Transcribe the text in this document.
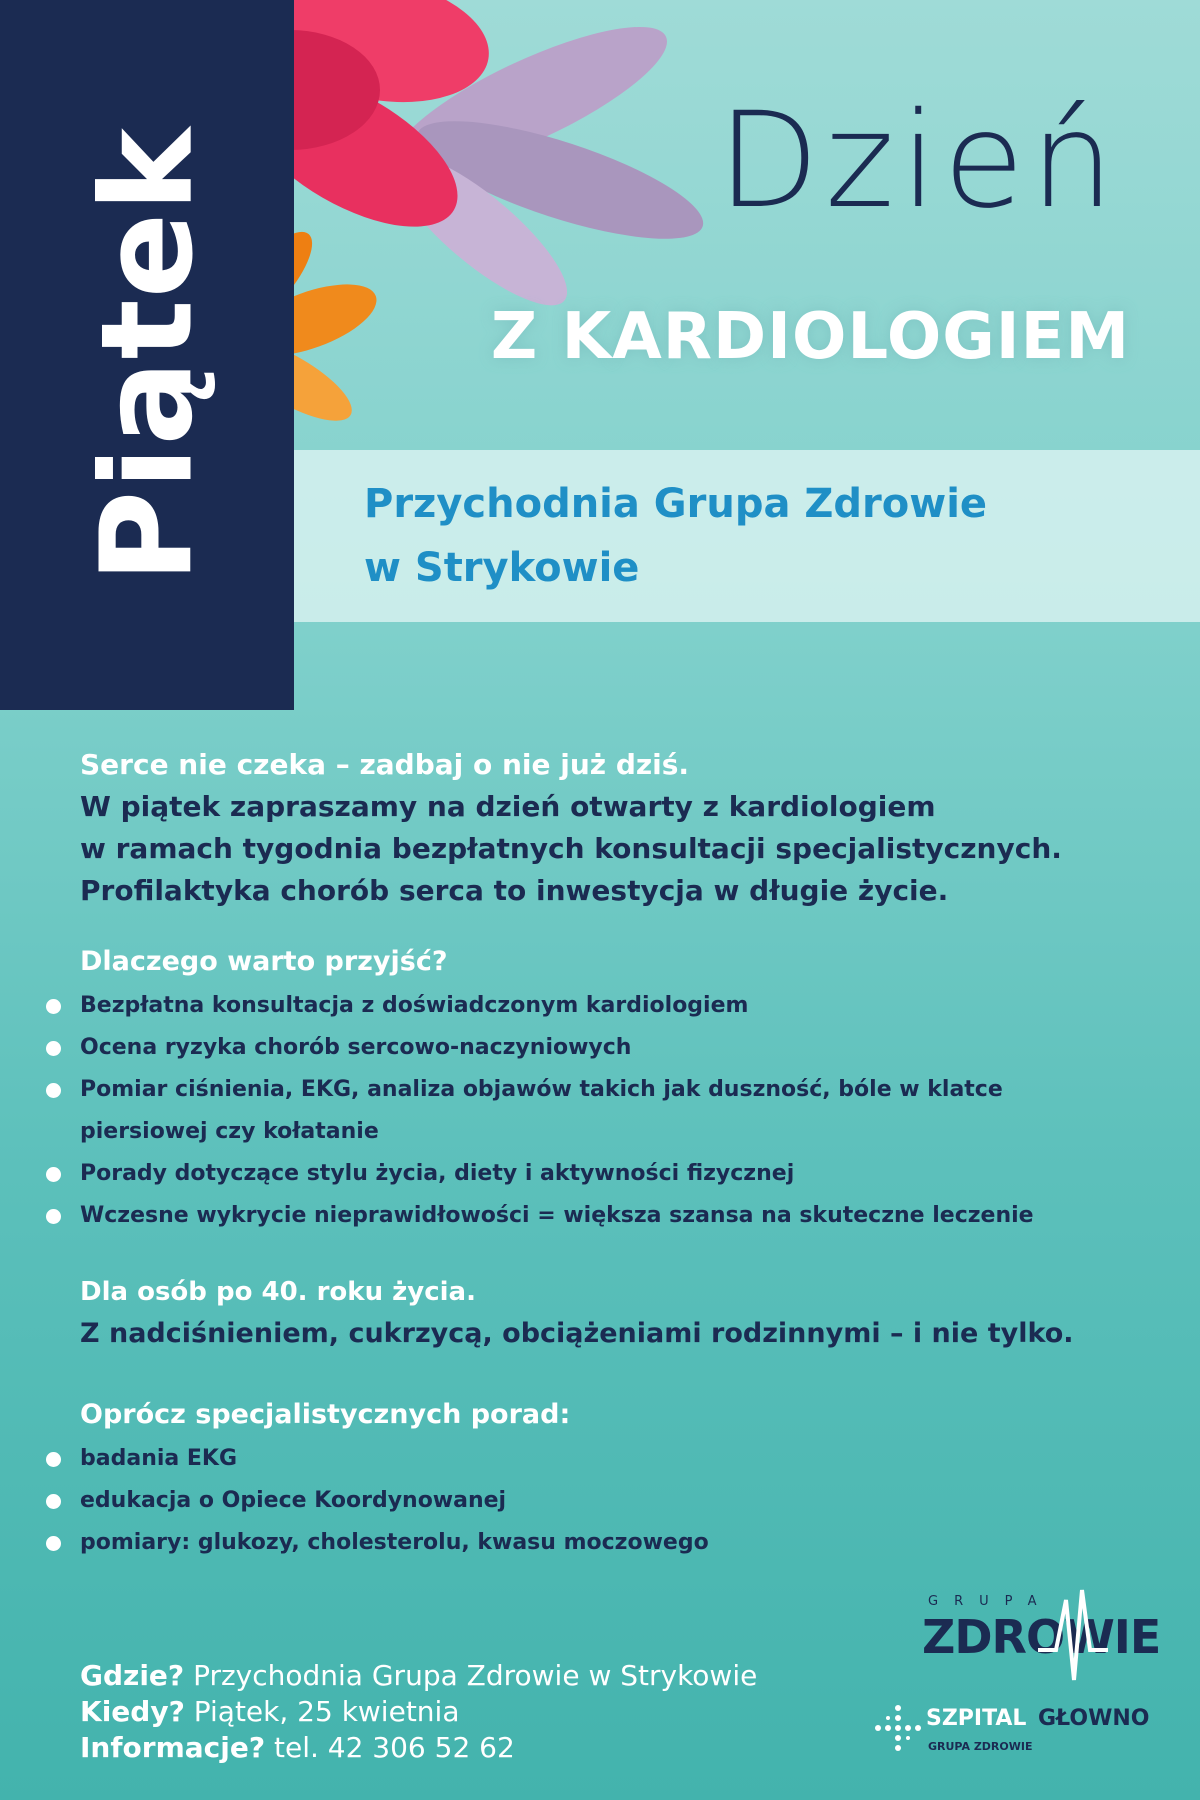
Piątek	Dzień
Z KARDIOLOGIEM
Przychodnia Grupa Zdrowie
w Strykowie

Serce nie czeka – zadbaj o nie już dziś.

W piątek zapraszamy na dzień otwarty z kardiologiem

w ramach tygodnia bezpłatnych konsultacji specjalistycznych.

Profilaktyka chorób serca to inwestycja w długie życie.

Dlaczego warto przyjść?
Bezpłatna konsultacja z doświadczonym kardiologiem
Ocena ryzyka chorób sercowo-naczyniowych
Pomiar ciśnienia, EKG, analiza objawów takich jak duszność, bóle w klatce
piersiowej czy kołatanie
Porady dotyczące stylu życia, diety i aktywności fizycznej
Wczesne wykrycie nieprawidłowości = większa szansa na skuteczne leczenie
Dla osób po 40. roku życia.
Z nadciśnieniem, cukrzycą, obciążeniami rodzinnymi – i nie tylko.
Oprócz specjalistycznych porad:
badania EKG
edukacja o Opiece Koordynowanej
pomiary: glukozy, cholesterolu, kwasu moczowego
Gdzie? Przychodnia Grupa Zdrowie w Strykowie
Kiedy? Piątek, 25 kwietnia
Informacje? tel. 42 306 52 62
GRUPA
ZDROWIE
SZPITAL GŁOWNO
GRUPA ZDROWIE
